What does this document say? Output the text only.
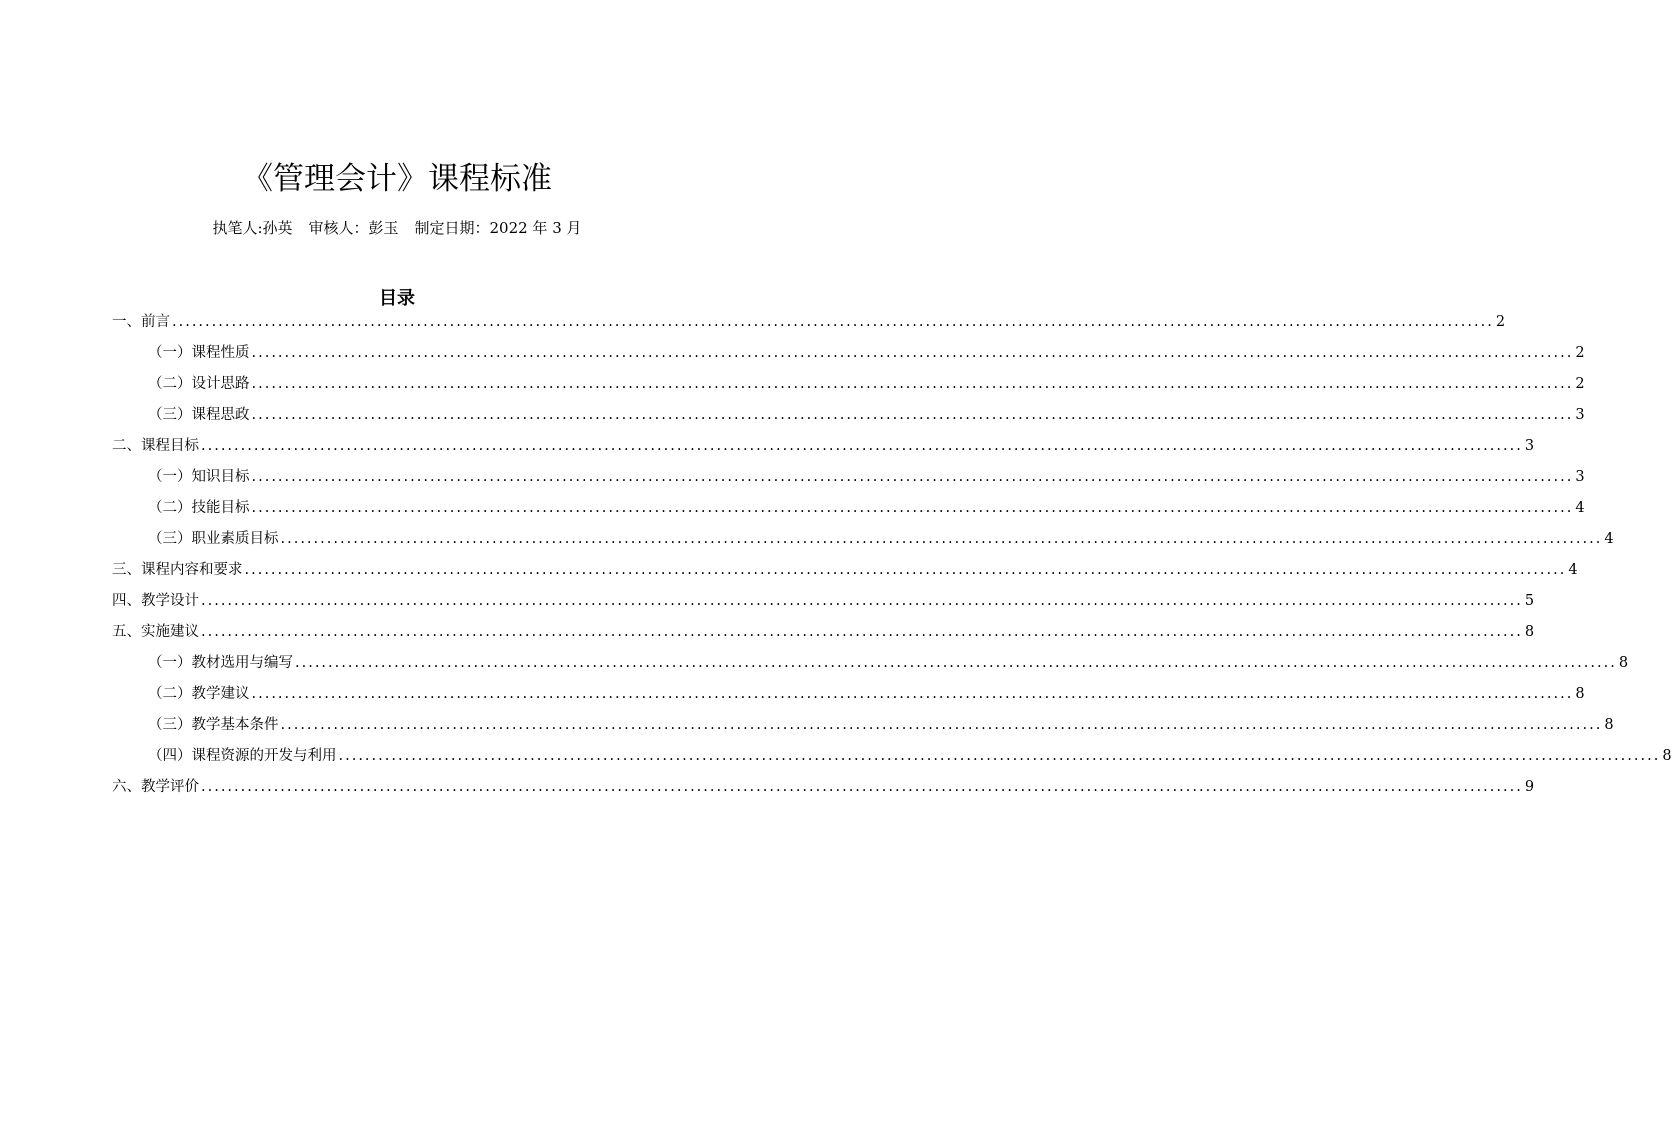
《管理会计》课程标准
执笔人:孙英 审核人：彭玉 制定日期：2022 年 3 月
目录
一、前言 ........................................................................................................................................................................................................ 2
（一）课程性质 ........................................................................................................................................................................................................ 2
（二）设计思路 ........................................................................................................................................................................................................ 2
（三）课程思政 ........................................................................................................................................................................................................ 3
二、课程目标 ........................................................................................................................................................................................................ 3
（一）知识目标 ........................................................................................................................................................................................................ 3
（二）技能目标 ........................................................................................................................................................................................................ 4
（三）职业素质目标 ........................................................................................................................................................................................................ 4
三、课程内容和要求 ........................................................................................................................................................................................................ 4
四、教学设计 ........................................................................................................................................................................................................ 5
五、实施建议 ........................................................................................................................................................................................................ 8
（一）教材选用与编写 ........................................................................................................................................................................................................ 8
（二）教学建议 ........................................................................................................................................................................................................ 8
（三）教学基本条件 ........................................................................................................................................................................................................ 8
（四）课程资源的开发与利用 ........................................................................................................................................................................................................ 8
六、教学评价 ........................................................................................................................................................................................................ 9
